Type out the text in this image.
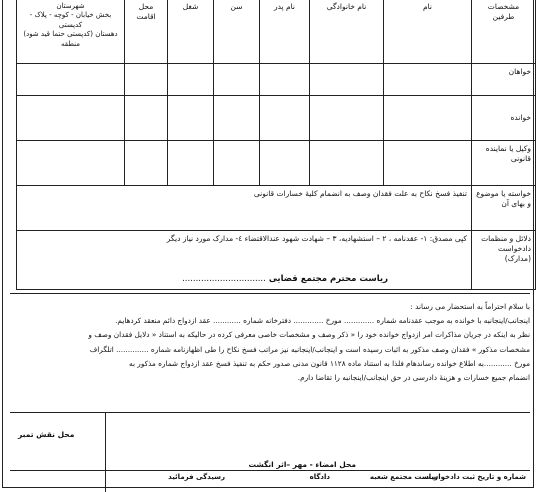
مشخصات طرفین	نام	نام خانوادگی	نام پدر	سن	شغل	محل اقامت	شهرستان
بخش خیابان - کوچه - پلاک - کدپستی
دهستان (کدپستی حتما قید شود)
منطقه

خواهان							
خوانده							
وکیل یا نماینده قانونی							
خواسته یا موضوع و بهای آن	تنفیذ فسخ نکاح به علت فقدان وصف به انضمام کلیهٔ خسارات قانونی						
دلائل و منظمات دادخواست (مدارک)	کپی مصدق: ١- عقدنامه ، ٢ – استشهادیه، ٣ – شهادت شهود عندالاقتضاء ٤- مدارک مورد نیاز دیگر						
ریاست محترم مجتمع قضایی ...............................
با سلام احتراماً به استحضار می رساند :
اینجانب/اینجانبه با خوانده به موجب عقدنامه شماره ............. مورخ ............. دفترخانه شماره ............ عقد ازدواج دائم منعقد کردهایم.
نظر به اینکه در جریان مذاکرات امر ازدواج خوانده خود را « ذکر وصف و مشخصات خاصی معرفی کرده در حالیکه به استناد « دلایل فقدان وصف و
مشخصات مذکور » فقدان وصف مذکور به اثبات رسیده است و اینجانب/اینجانبه نیز مراتب فسخ نکاح را طی اظهارنامه شماره .............. اتلگراف
مورخ ............به اطلاع خوانده رساندهام فلذا به استناد ماده ١١٢٨ قانون مدنی صدور حکم به تنفیذ فسخ عقد ازدواج شماره مذکور به
انضمام جمیع خسارات و هزینهٔ دادرسی در حق اینجانب/اینجانبه را تقاضا دارم.
محل نقش تمبر
محل امضاء - مهر –اثر انگشت
شماره و تاریخ ثبت دادخواست
ریاست مجتمع شعبه
دادگاه
رسیدگی فرمائید
